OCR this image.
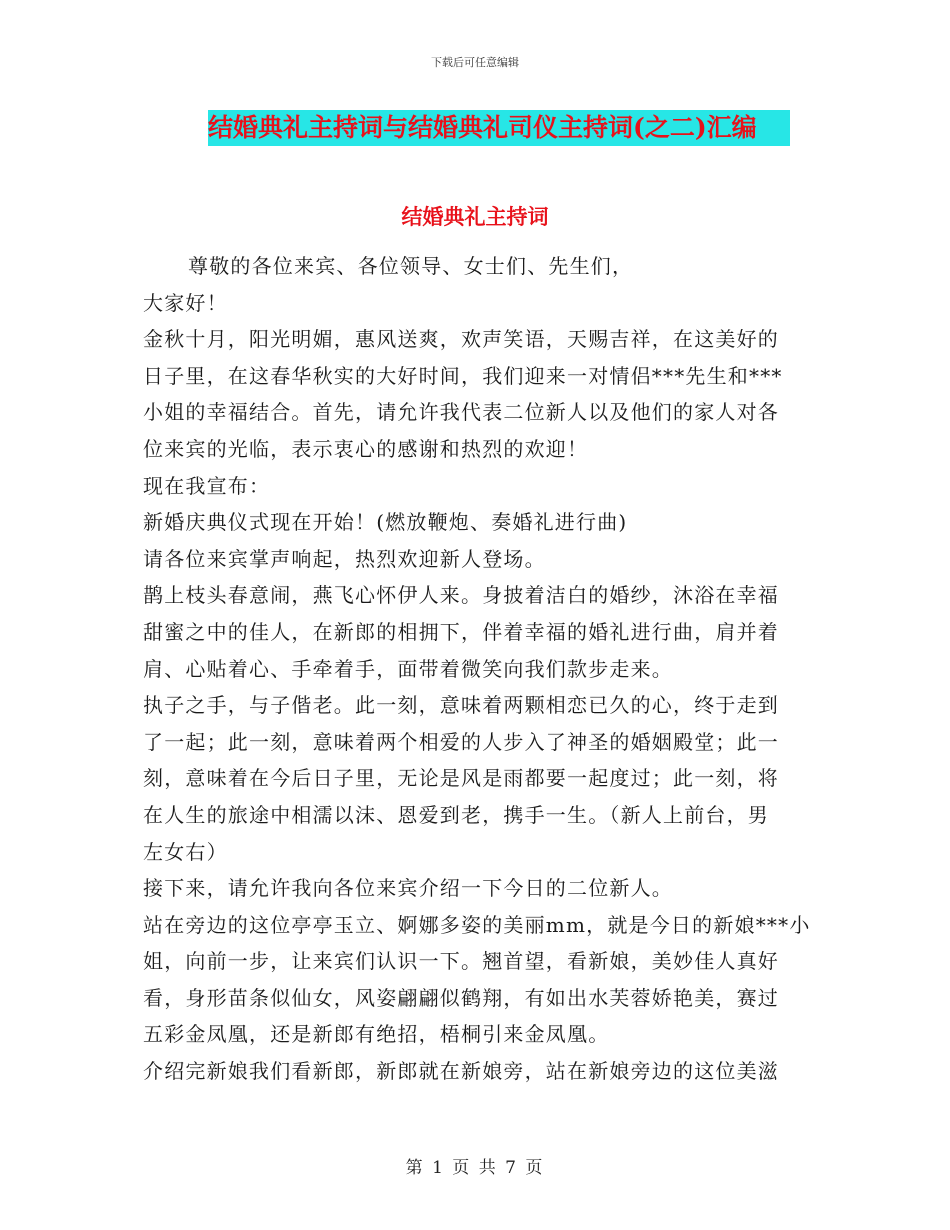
下载后可任意编辑
结婚典礼主持词与结婚典礼司仪主持词(之二)汇编
结婚典礼主持词
尊敬的各位来宾、各位领导、女士们、先生们，
大家好！
金秋十月，阳光明媚，惠风送爽，欢声笑语，天赐吉祥，在这美好的
日子里，在这春华秋实的大好时间，我们迎来一对情侣***先生和***
小姐的幸福结合。首先，请允许我代表二位新人以及他们的家人对各
位来宾的光临，表示衷心的感谢和热烈的欢迎！
现在我宣布：
新婚庆典仪式现在开始！(燃放鞭炮、奏婚礼进行曲)
请各位来宾掌声响起，热烈欢迎新人登场。
鹊上枝头春意闹，燕飞心怀伊人来。身披着洁白的婚纱，沐浴在幸福
甜蜜之中的佳人，在新郎的相拥下，伴着幸福的婚礼进行曲，肩并着
肩、心贴着心、手牵着手，面带着微笑向我们款步走来。
执子之手，与子偕老。此一刻，意味着两颗相恋已久的心，终于走到
了一起；此一刻，意味着两个相爱的人步入了神圣的婚姻殿堂；此一
刻，意味着在今后日子里，无论是风是雨都要一起度过；此一刻，将
在人生的旅途中相濡以沫、恩爱到老，携手一生。（新人上前台，男
左女右）
接下来，请允许我向各位来宾介绍一下今日的二位新人。
站在旁边的这位亭亭玉立、婀娜多姿的美丽mm，就是今日的新娘***小
姐，向前一步，让来宾们认识一下。翘首望，看新娘，美妙佳人真好
看，身形苗条似仙女，风姿翩翩似鹤翔，有如出水芙蓉娇艳美，赛过
五彩金凤凰，还是新郎有绝招，梧桐引来金凤凰。
介绍完新娘我们看新郎，新郎就在新娘旁，站在新娘旁边的这位美滋
第 1 页 共 7 页
